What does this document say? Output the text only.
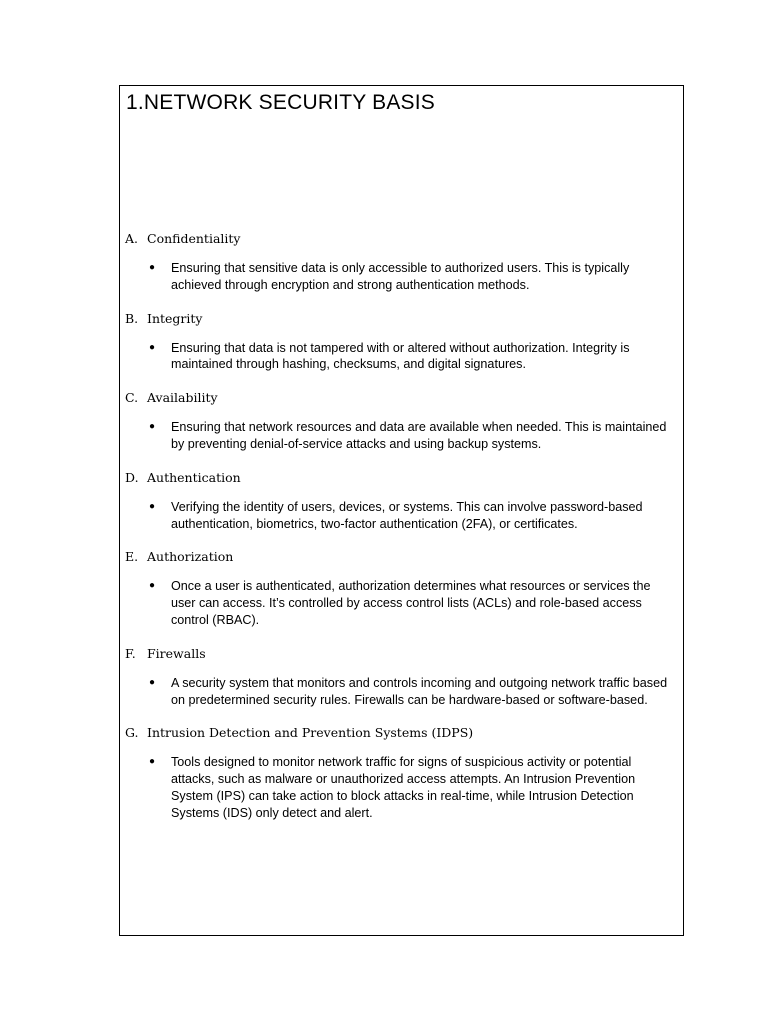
1.NETWORK SECURITY BASIS
A. Confidentiality
● Ensuring that sensitive data is only accessible to authorized users. This is typically achieved through encryption and strong authentication methods.
B. Integrity
● Ensuring that data is not tampered with or altered without authorization. Integrity is maintained through hashing, checksums, and digital signatures.
C. Availability
● Ensuring that network resources and data are available when needed. This is maintained by preventing denial-of-service attacks and using backup systems.
D. Authentication
● Verifying the identity of users, devices, or systems. This can involve password-based authentication, biometrics, two-factor authentication (2FA), or certificates.
E. Authorization
● Once a user is authenticated, authorization determines what resources or services the user can access. It’s controlled by access control lists (ACLs) and role-based access control (RBAC).
F. Firewalls
● A security system that monitors and controls incoming and outgoing network traffic based on predetermined security rules. Firewalls can be hardware-based or software-based.
G. Intrusion Detection and Prevention Systems (IDPS)
● Tools designed to monitor network traffic for signs of suspicious activity or potential attacks, such as malware or unauthorized access attempts. An Intrusion Prevention System (IPS) can take action to block attacks in real-time, while Intrusion Detection Systems (IDS) only detect and alert.
